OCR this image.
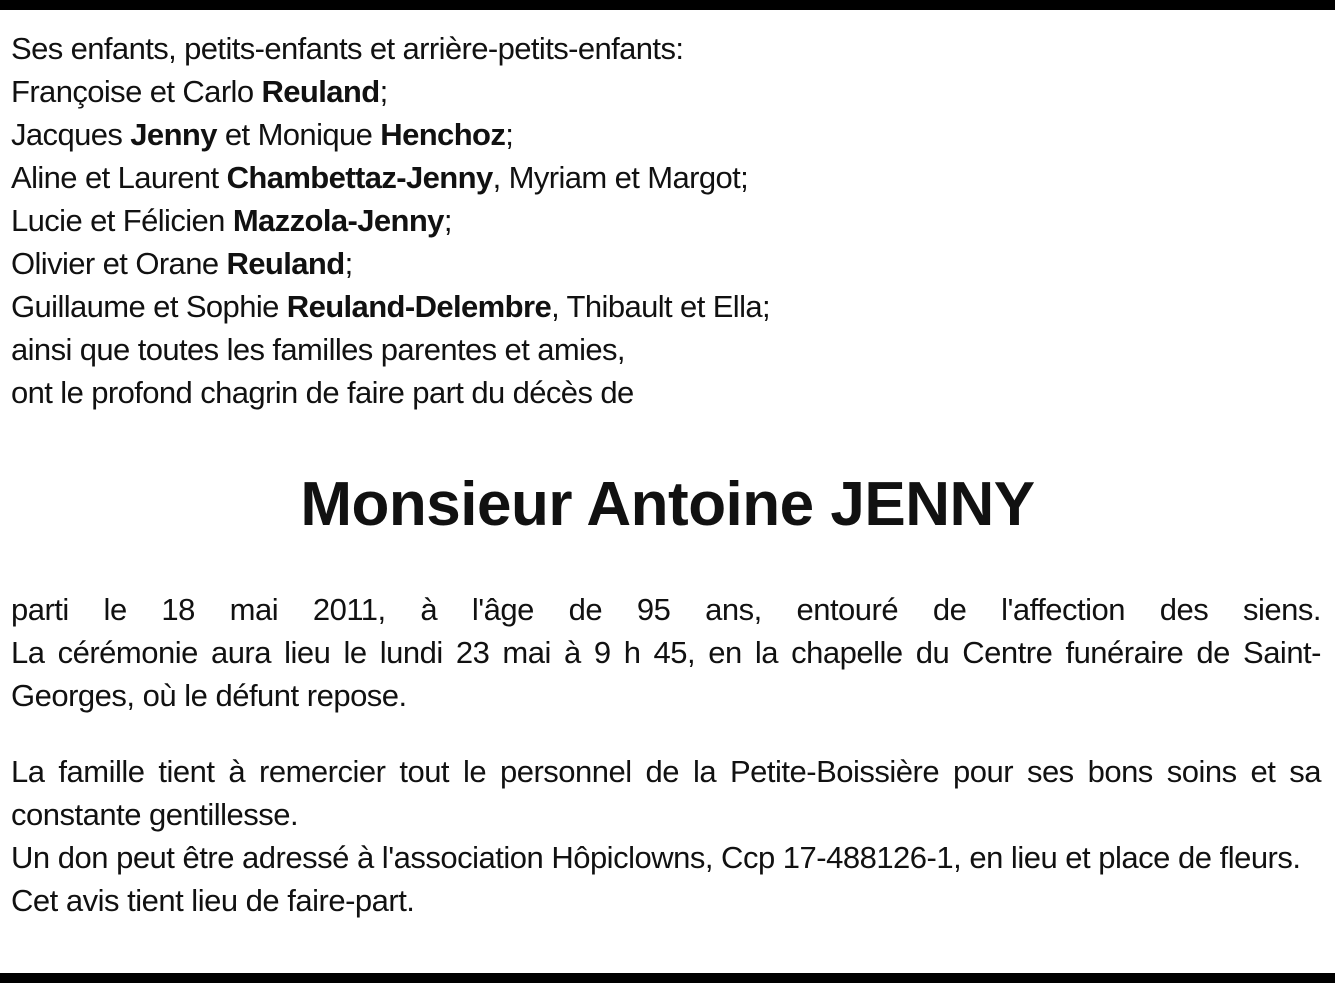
Ses enfants, petits-enfants et arrière-petits-enfants:
Françoise et Carlo Reuland;
Jacques Jenny et Monique Henchoz;
Aline et Laurent Chambettaz-Jenny, Myriam et Margot;
Lucie et Félicien Mazzola-Jenny;
Olivier et Orane Reuland;
Guillaume et Sophie Reuland-Delembre, Thibault et Ella;
ainsi que toutes les familles parentes et amies,
ont le profond chagrin de faire part du décès de
Monsieur Antoine JENNY
parti le 18 mai 2011, à l'âge de 95 ans, entouré de l'affection des siens.
La cérémonie aura lieu le lundi 23 mai à 9 h 45, en la chapelle du Centre funéraire de Saint-Georges, où le défunt repose.
La famille tient à remercier tout le personnel de la Petite-Boissière pour ses bons soins et sa constante gentillesse.
Un don peut être adressé à l'association Hôpiclowns, Ccp 17-488126-1, en lieu et place de fleurs.
Cet avis tient lieu de faire-part.
